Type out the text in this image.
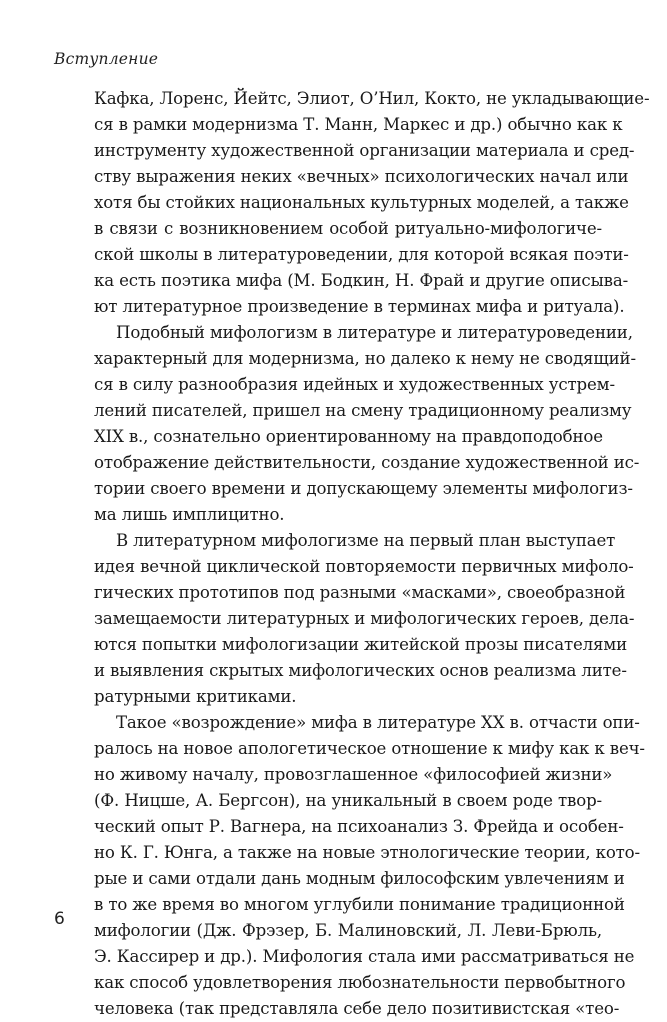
Вступление
Кафка, Лоренс, Йейтс, Элиот, О’Нил, Кокто, не укладывающие-
ся в рамки модернизма Т. Манн, Маркес и др.) обычно как к
инструменту художественной организации материала и сред-
ству выражения неких «вечных» психологических начал или
хотя бы стойких национальных культурных моделей, а также
в связи с возникновением особой ритуально-мифологиче-
ской школы в литературоведении, для которой всякая поэти-
ка есть поэтика мифа (М. Бодкин, Н. Фрай и другие описыва-
ют литературное произведение в терминах мифа и ритуала).
Подобный мифологизм в литературе и литературоведении,
характерный для модернизма, но далеко к нему не сводящий-
ся в силу разнообразия идейных и художественных устрем-
лений писателей, пришел на смену традиционному реализму
XIX в., сознательно ориентированному на правдоподобное
отображение действительности, создание художественной ис-
тории своего времени и допускающему элементы мифологиз-
ма лишь имплицитно.
В литературном мифологизме на первый план выступает
идея вечной циклической повторяемости первичных мифоло-
гических прототипов под разными «масками», своеобразной
замещаемости литературных и мифологических героев, дела-
ются попытки мифологизации житейской прозы писателями
и выявления скрытых мифологических основ реализма лите-
ратурными критиками.
Такое «возрождение» мифа в литературе XX в. отчасти опи-
ралось на новое апологетическое отношение к мифу как к веч-
но живому началу, провозглашенное «философией жизни»
(Ф. Ницше, А. Бергсон), на уникальный в своем роде твор-
ческий опыт Р. Вагнера, на психоанализ З. Фрейда и особен-
но К. Г. Юнга, а также на новые этнологические теории, кото-
рые и сами отдали дань модным философским увлечениям и
в то же время во многом углубили понимание традиционной
мифологии (Дж. Фрэзер, Б. Малиновский, Л. Леви-Брюль,
Э. Кассирер и др.). Мифология стала ими рассматриваться не
как способ удовлетворения любознательности первобытного
человека (так представляла себе дело позитивистская «тео-
6
